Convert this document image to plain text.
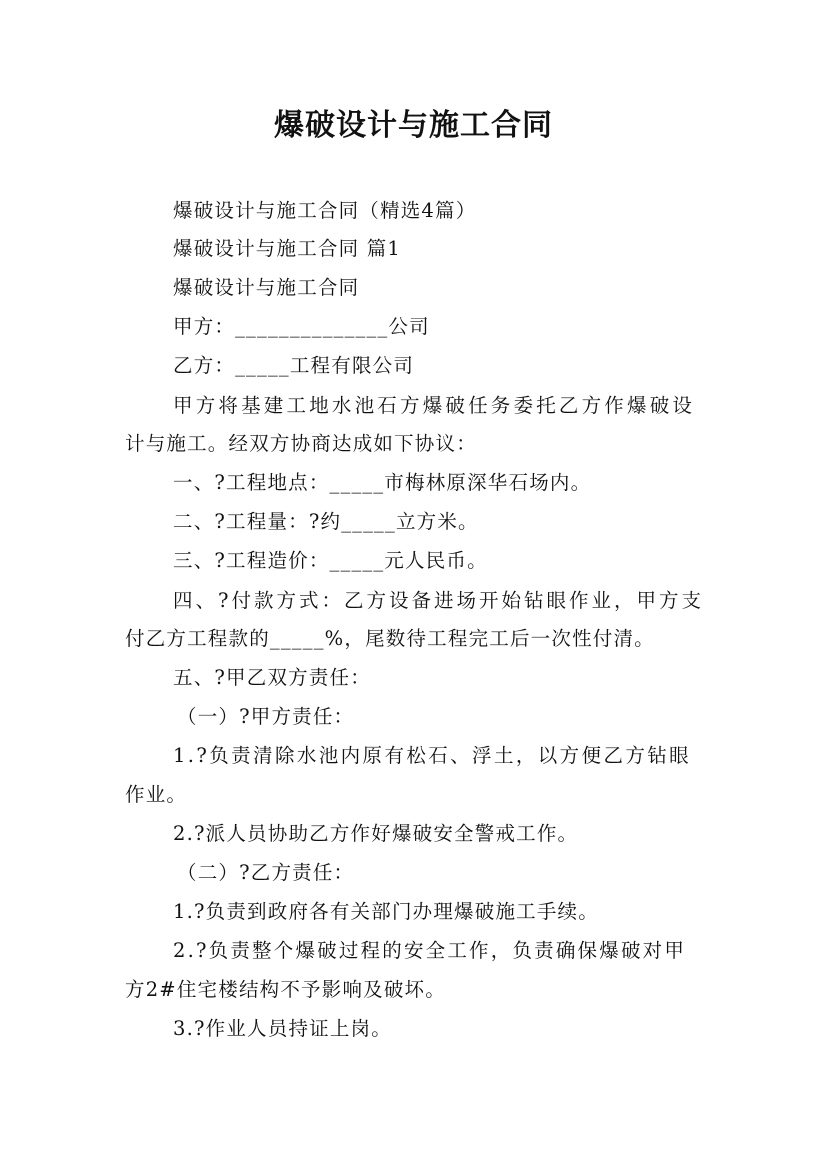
爆破设计与施工合同
爆破设计与施工合同（精选4篇）
爆破设计与施工合同 篇1
爆破设计与施工合同
甲方：______________公司
乙方：_____工程有限公司
甲方将基建工地水池石方爆破任务委托乙方作爆破设
计与施工。经双方协商达成如下协议：
一、?工程地点：_____市梅林原深华石场内。
二、?工程量：?约_____立方米。
三、?工程造价：_____元人民币。
四、?付款方式：乙方设备进场开始钻眼作业，甲方支
付乙方工程款的_____%，尾数待工程完工后一次性付清。
五、?甲乙双方责任：
（一）?甲方责任：
1.?负责清除水池内原有松石、浮土，以方便乙方钻眼
作业。
2.?派人员协助乙方作好爆破安全警戒工作。
（二）?乙方责任：
1.?负责到政府各有关部门办理爆破施工手续。
2.?负责整个爆破过程的安全工作，负责确保爆破对甲
方2#住宅楼结构不予影响及破坏。
3.?作业人员持证上岗。
